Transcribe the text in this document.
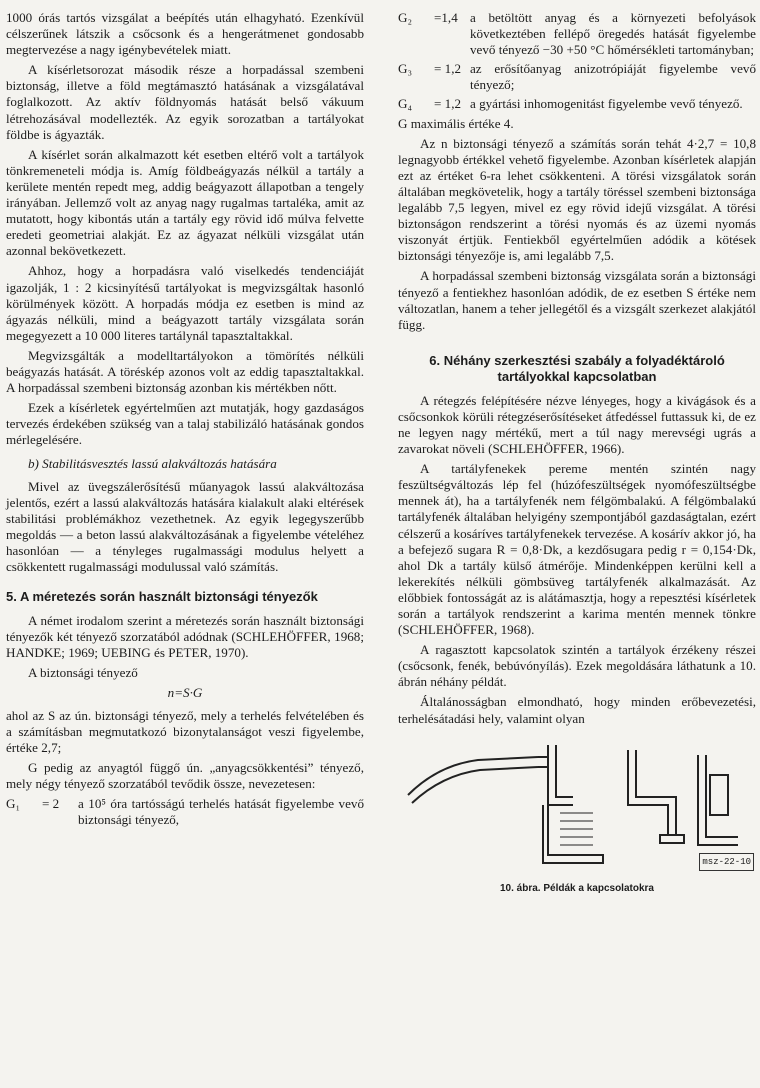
1000 órás tartós vizsgálat a beépítés után elhagyható. Ezenkívül célszerűnek látszik a csőcsonk és a hengerátmenet gondosabb megtervezése a nagy igénybevételek miatt.

A kísérletsorozat második része a horpadással szembeni biztonság, illetve a föld megtámasztó hatásának a vizsgálatával foglalkozott. Az aktív földnyomás hatását belső vákuum létrehozásával modellezték. Az egyik sorozatban a tartályokat földbe is ágyazták.

A kísérlet során alkalmazott két esetben eltérő volt a tartályok tönkremeneteli módja is. Amíg földbeágyazás nélkül a tartály a kerülete mentén repedt meg, addig beágyazott állapotban a tengely irányában. Jellemző volt az anyag nagy rugalmas tartaléka, amit az mutatott, hogy kibontás után a tartály egy rövid idő múlva felvette eredeti geometriai alakját. Ez az ágyazat nélküli vizsgálat után azonnal bekövetkezett.

Ahhoz, hogy a horpadásra való viselkedés tendenciáját igazolják, 1 : 2 kicsinyítésű tartályokat is megvizsgáltak hasonló körülmények között. A horpadás módja ez esetben is mind az ágyazás nélküli, mind a beágyazott tartály vizsgálata során megegyezett a 10 000 literes tartálynál tapasztaltakkal.

Megvizsgálták a modelltartályokon a tömörítés nélküli beágyazás hatását. A töréskép azonos volt az eddig tapasztaltakkal. A horpadással szembeni biztonság azonban kis mértékben nőtt.

Ezek a kísérletek egyértelműen azt mutatják, hogy gazdaságos tervezés érdekében szükség van a talaj stabilizáló hatásának gondos mérlegelésére.

b) Stabilitásvesztés lassú alakváltozás hatására

Mivel az üvegszálerősítésű műanyagok lassú alakváltozása jelentős, ezért a lassú alakváltozás hatására kialakult alaki eltérések stabilitási problémákhoz vezethetnek. Az egyik legegyszerűbb megoldás — a beton lassú alakváltozásának a figyelembe vételéhez hasonlóan — a tényleges rugalmassági modulus helyett a csökkentett rugalmassági modulussal való számítás.

5. A méretezés során használt biztonsági tényezők

A német irodalom szerint a méretezés során használt biztonsági tényezők két tényező szorzatából adódnak (SCHLEHÖFFER, 1968; HANDKE; 1969; UEBING és PETER, 1970).

A biztonsági tényező

n=S·G

ahol az S az ún. biztonsági tényező, mely a terhelés felvételében és a számításban megmutatkozó bizonytalanságot veszi figyelembe, értéke 2,7;

G pedig az anyagtól függő ún. „anyagcsökkentési” tényező, mely négy tényező szorzatából tevődik össze, nevezetesen:

G₁	= 2	a 10⁵ óra tartósságú terhelés hatását figyelembe vevő biztonsági tényező,
G₂	=1,4 a betöltött anyag és a környezeti befolyások következtében fellépő öregedés hatását figyelembe vevő tényező −30 +50 °C hőmérsékleti tartományban;
G₃	= 1,2 az erősítőanyag anizotrópiáját figyelembe vevő tényező;
G₄	= 1,2 a gyártási inhomogenitást figyelembe vevő tényező.

G maximális értéke 4.

Az n biztonsági tényező a számítás során tehát 4·2,7 = 10,8 legnagyobb értékkel vehető figyelembe. Azonban kísérletek alapján ezt az értéket 6-ra lehet csökkenteni. A törési vizsgálatok során általában megkövetelik, hogy a tartály töréssel szembeni biztonsága legalább 7,5 legyen, mivel ez egy rövid idejű vizsgálat. A törési biztonságon rendszerint a törési nyomás és az üzemi nyomás viszonyát értjük. Fentiekből egyértelműen adódik a kötések biztonsági tényezője is, ami legalább 7,5.

A horpadással szembeni biztonság vizsgálata során a biztonsági tényező a fentiekhez hasonlóan adódik, de ez esetben S értéke nem változatlan, hanem a teher jellegétől és a vizsgált szerkezet alakjától függ.

6. Néhány szerkesztési szabály a folyadéktároló tartályokkal kapcsolatban

A rétegzés felépítésére nézve lényeges, hogy a kivágások és a csőcsonkok körüli rétegzéserősítéseket átfedéssel futtassuk ki, de ez ne legyen nagy mértékű, mert a túl nagy merevségi ugrás a zavarokat növeli (SCHLEHÖFFER, 1966).

A tartályfenekek pereme mentén szintén nagy feszültségváltozás lép fel (húzófeszültségek nyomófeszültségbe mennek át), ha a tartályfenék nem félgömbalakú. A félgömbalakú tartályfenék általában helyigény szempontjából gazdaságtalan, ezért célszerű a kosáríves tartályfenekek tervezése. A kosárív akkor jó, ha a befejező sugara R = 0,8·Dk, a kezdősugara pedig r = 0,154·Dk, ahol Dk a tartály külső átmérője. Mindenképpen kerülni kell a lekerekítés nélküli gömbsüveg tartályfenék alkalmazását. Az előbbiek fontosságát az is alátámasztja, hogy a repesztési kísérletek során a tartályok rendszerint a karima mentén mennek tönkre (SCHLEHÖFFER, 1968).

A ragasztott kapcsolatok szintén a tartályok érzékeny részei (csőcsonk, fenék, bebúvónyílás). Ezek megoldására láthatunk a 10. ábrán néhány példát.

Általánosságban elmondható, hogy minden erőbevezetési, terhelésátadási hely, valamint olyan

msz-22-10
10. ábra. Példák a kapcsolatokra
